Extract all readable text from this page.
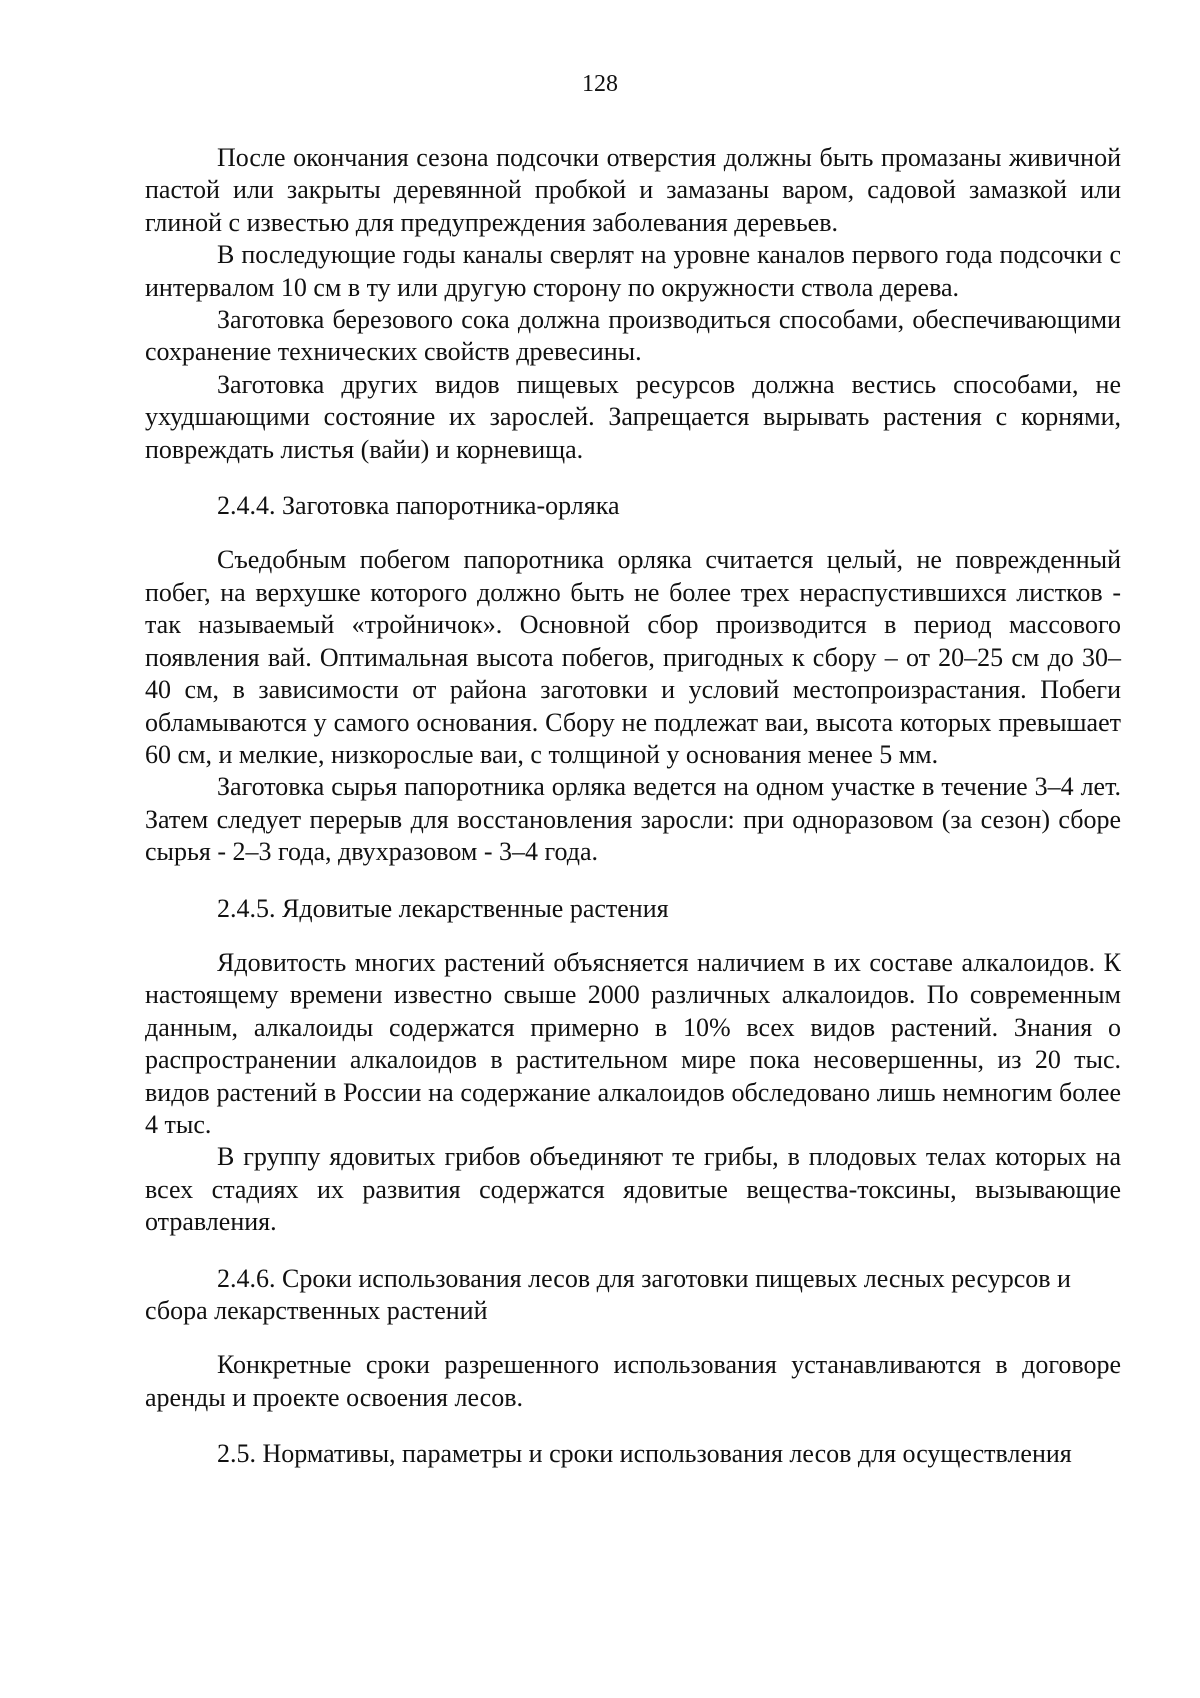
128

После окончания сезона подсочки отверстия должны быть промазаны живичной пастой или закрыты деревянной пробкой и замазаны варом, садовой замазкой или глиной с известью для предупреждения заболевания деревьев.

В последующие годы каналы сверлят на уровне каналов первого года подсочки с интервалом 10 см в ту или другую сторону по окружности ствола дерева.

Заготовка березового сока должна производиться способами, обеспечивающими сохранение технических свойств древесины.

Заготовка других видов пищевых ресурсов должна вестись способами, не ухудшающими состояние их зарослей. Запрещается вырывать растения с корнями, повреждать листья (вайи) и корневища.

2.4.4. Заготовка папоротника-орляка

Съедобным побегом папоротника орляка считается целый, не поврежденный побег, на верхушке которого должно быть не более трех нераспустившихся листков - так называемый «тройничок». Основной сбор производится в период массового появления вай. Оптимальная высота побегов, пригодных к сбору – от 20–25 см до 30–40 см, в зависимости от района заготовки и условий местопроизрастания. Побеги обламываются у самого основания. Сбору не подлежат ваи, высота которых превышает 60 см, и мелкие, низкорослые ваи, с толщиной у основания менее 5 мм.

Заготовка сырья папоротника орляка ведется на одном участке в течение 3–4 лет. Затем следует перерыв для восстановления заросли: при одноразовом (за сезон) сборе сырья - 2–3 года, двухразовом - 3–4 года.

2.4.5. Ядовитые лекарственные растения

Ядовитость многих растений объясняется наличием в их составе алкалоидов. К настоящему времени известно свыше 2000 различных алкалоидов. По современным данным, алкалоиды содержатся примерно в 10% всех видов растений. Знания о распространении алкалоидов в растительном мире пока несовершенны, из 20 тыс. видов растений в России на содержание алкалоидов обследовано лишь немногим более 4 тыс.

В группу ядовитых грибов объединяют те грибы, в плодовых телах которых на всех стадиях их развития содержатся ядовитые вещества-токсины, вызывающие отравления.

2.4.6. Сроки использования лесов для заготовки пищевых лесных ресурсов и сбора лекарственных растений

Конкретные сроки разрешенного использования устанавливаются в договоре аренды и проекте освоения лесов.

2.5. Нормативы, параметры и сроки использования лесов для осуществления
